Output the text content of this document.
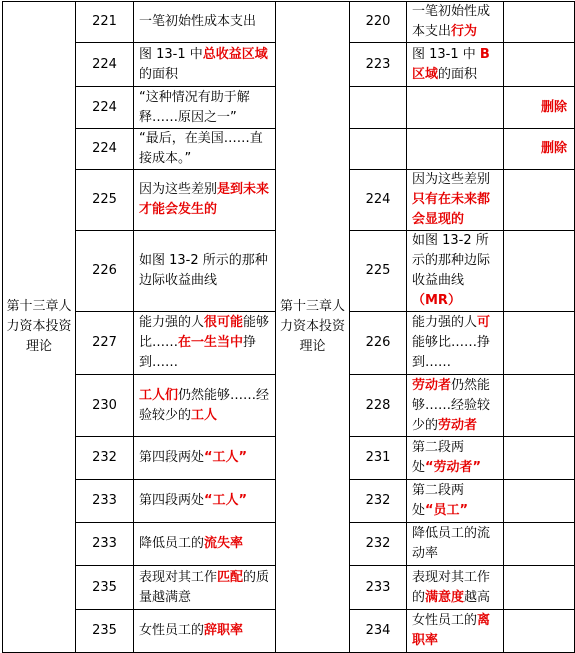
第十三章人力资本投资理论	221	一笔初始性成本支出	第十三章人力资本投资理论	220	一笔初始性成本支出行为	
	224	图 13-1 中总收益区域的面积		223	图 13-1 中 B 区域的面积	
	224	“这种情况有助于解释……原因之一”				删除
	224	“最后，在美国……直接成本。”				删除
	225	因为这些差别是到未来才能会发生的		224	因为这些差别只有在未来都会显现的	
	226	如图 13-2 所示的那种边际收益曲线		225	如图 13-2 所示的那种边际收益曲线（MR）	
	227	能力强的人很可能能够比……在一生当中挣到……		226	能力强的人可能够比……挣到……	
	230	工人们仍然能够……经验较少的工人		228	劳动者仍然能够……经验较少的劳动者	
	232	第四段两处“工人”		231	第二段两处“劳动者”	
	233	第四段两处“工人”		232	第二段两处“员工”	
	233	降低员工的流失率		232	降低员工的流动率	
	235	表现对其工作匹配的质量越满意		233	表现对其工作的满意度越高	
	235	女性员工的辞职率		234	女性员工的离职率	
